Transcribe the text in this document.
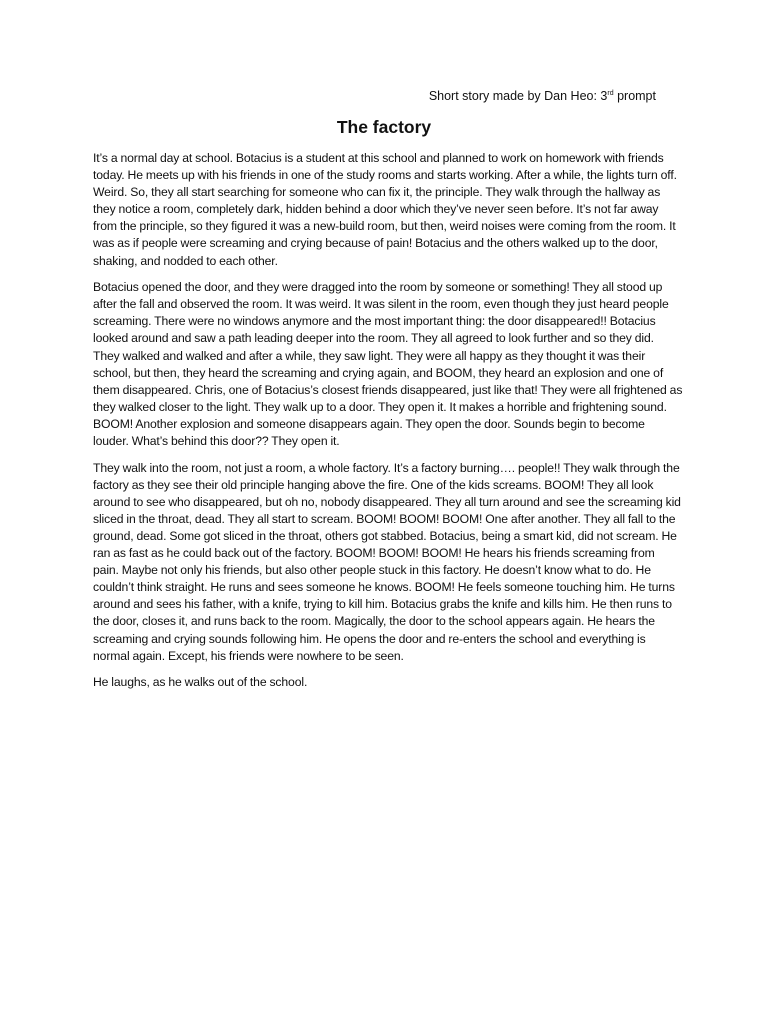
Short story made by Dan Heo: 3rd prompt
The factory

It’s a normal day at school. Botacius is a student at this school and planned to work on homework with friends today. He meets up with his friends in one of the study rooms and starts working. After a while, the lights turn off. Weird. So, they all start searching for someone who can fix it, the principle. They walk through the hallway as they notice a room, completely dark, hidden behind a door which they’ve never seen before. It’s not far away from the principle, so they figured it was a new-build room, but then, weird noises were coming from the room. It was as if people were screaming and crying because of pain! Botacius and the others walked up to the door, shaking, and nodded to each other.

Botacius opened the door, and they were dragged into the room by someone or something! They all stood up after the fall and observed the room. It was weird. It was silent in the room, even though they just heard people screaming. There were no windows anymore and the most important thing: the door disappeared!! Botacius looked around and saw a path leading deeper into the room. They all agreed to look further and so they did. They walked and walked and after a while, they saw light. They were all happy as they thought it was their school, but then, they heard the screaming and crying again, and BOOM, they heard an explosion and one of them disappeared. Chris, one of Botacius’s closest friends disappeared, just like that! They were all frightened as they walked closer to the light. They walk up to a door. They open it. It makes a horrible and frightening sound. BOOM! Another explosion and someone disappears again. They open the door. Sounds begin to become louder. What’s behind this door?? They open it.

They walk into the room, not just a room, a whole factory. It’s a factory burning…. people!! They walk through the factory as they see their old principle hanging above the fire. One of the kids screams. BOOM! They all look around to see who disappeared, but oh no, nobody disappeared. They all turn around and see the screaming kid sliced in the throat, dead. They all start to scream. BOOM! BOOM! BOOM! One after another. They all fall to the ground, dead. Some got sliced in the throat, others got stabbed. Botacius, being a smart kid, did not scream. He ran as fast as he could back out of the factory. BOOM! BOOM! BOOM! He hears his friends screaming from pain. Maybe not only his friends, but also other people stuck in this factory. He doesn’t know what to do. He couldn’t think straight. He runs and sees someone he knows. BOOM! He feels someone touching him. He turns around and sees his father, with a knife, trying to kill him. Botacius grabs the knife and kills him. He then runs to the door, closes it, and runs back to the room. Magically, the door to the school appears again. He hears the screaming and crying sounds following him. He opens the door and re-enters the school and everything is normal again. Except, his friends were nowhere to be seen.

He laughs, as he walks out of the school.
